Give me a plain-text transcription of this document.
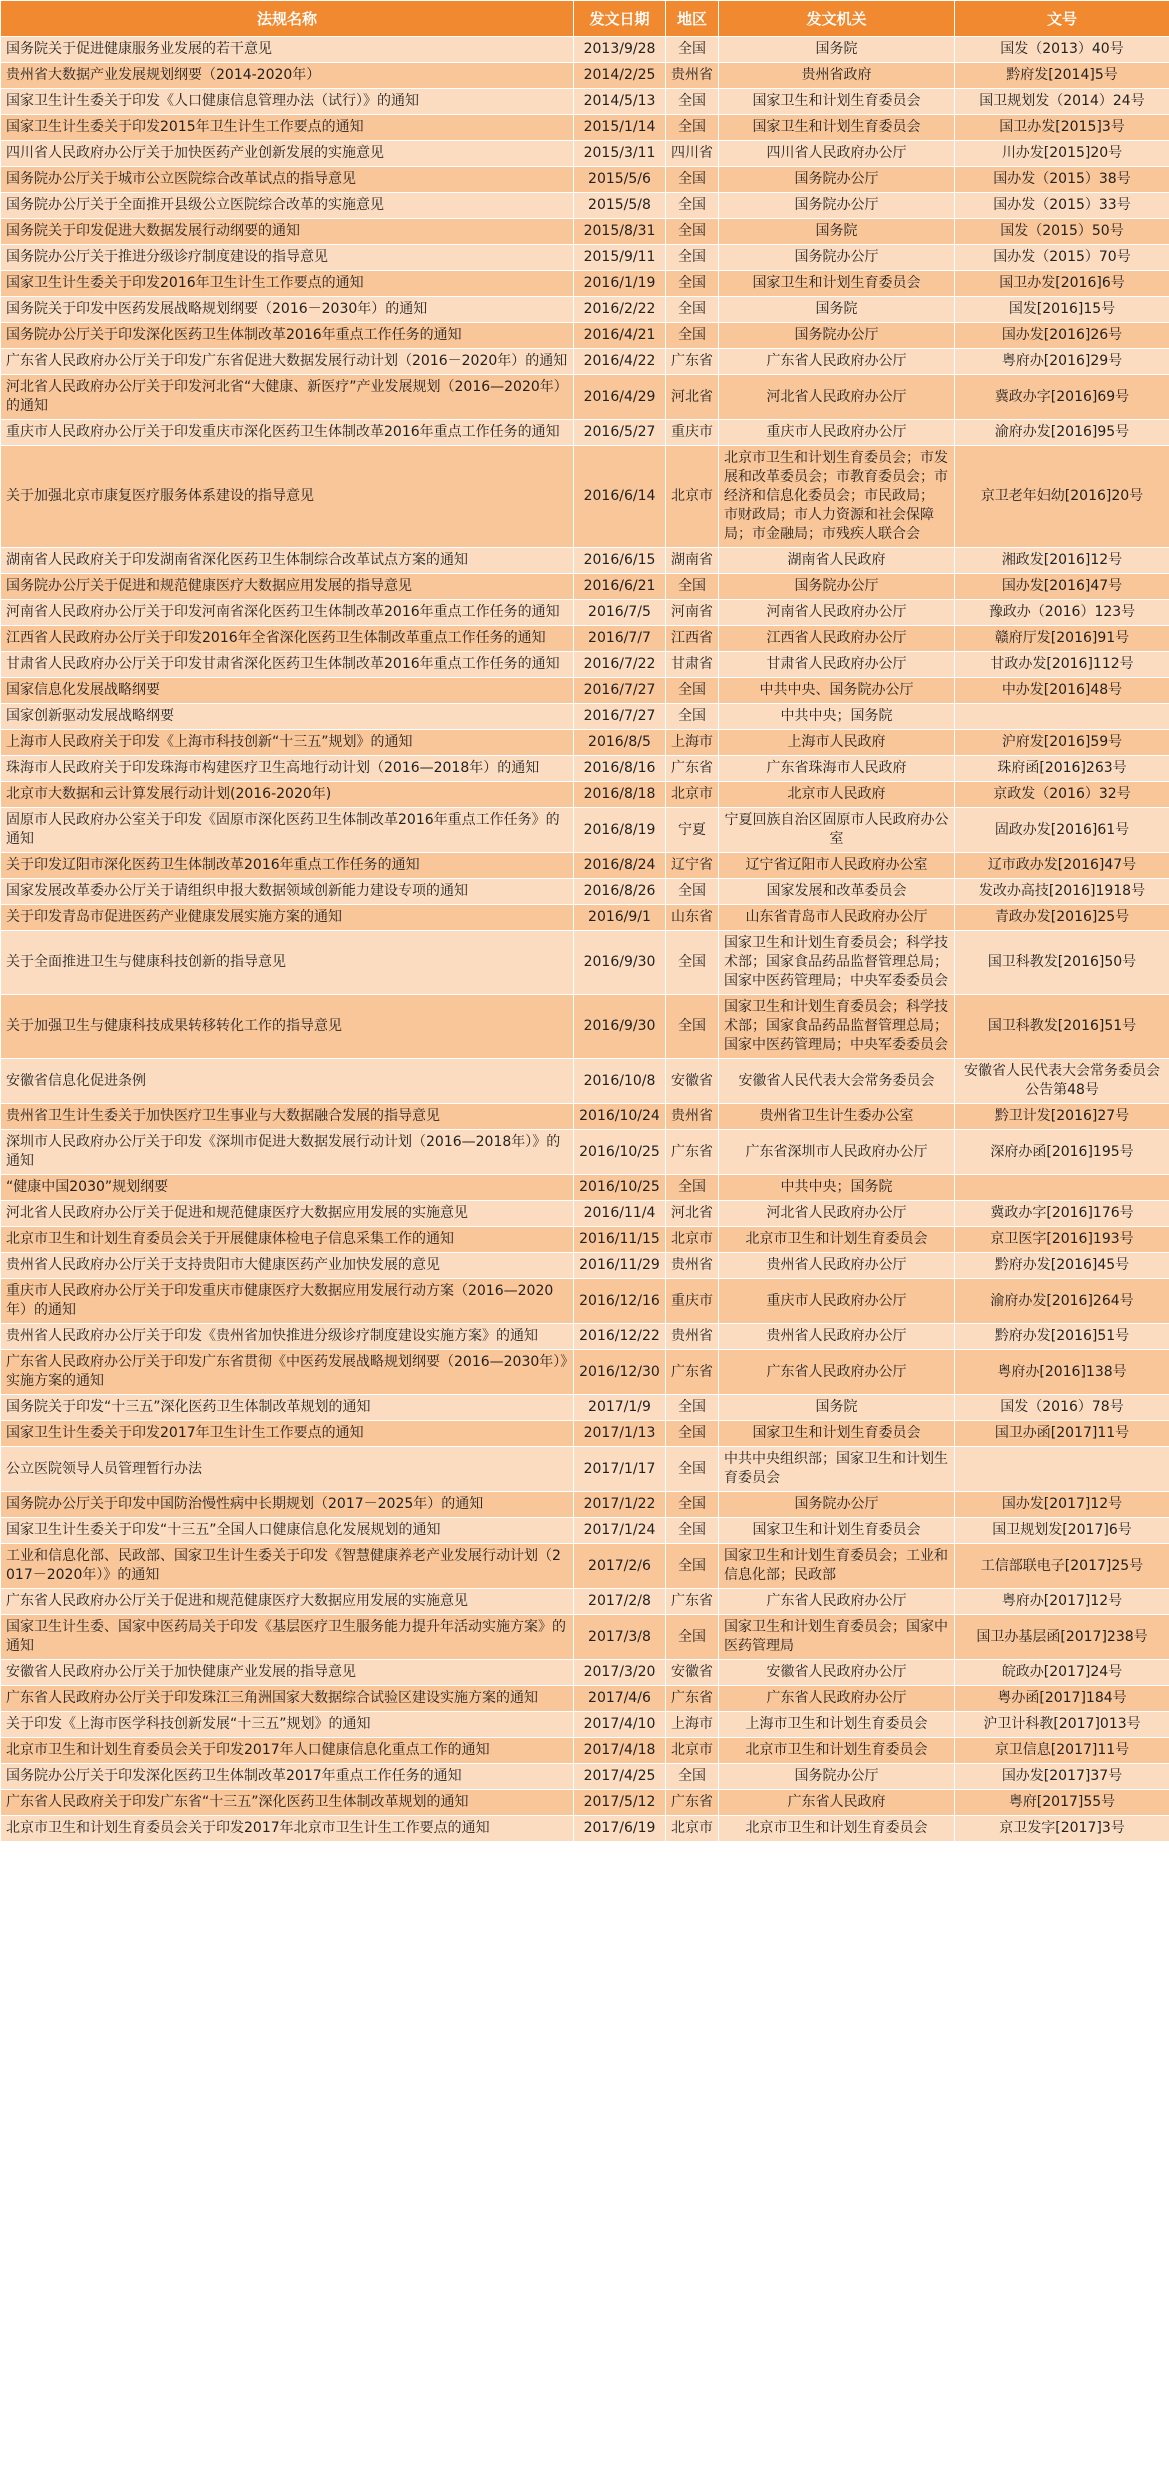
法规名称	发文日期	地区	发文机关	文号
国务院关于促进健康服务业发展的若干意见	2013/9/28	全国	国务院	国发（2013）40号
贵州省大数据产业发展规划纲要（2014-2020年）	2014/2/25	贵州省	贵州省政府	黔府发[2014]5号
国家卫生计生委关于印发《人口健康信息管理办法（试行）》的通知	2014/5/13	全国	国家卫生和计划生育委员会	国卫规划发（2014）24号
国家卫生计生委关于印发2015年卫生计生工作要点的通知	2015/1/14	全国	国家卫生和计划生育委员会	国卫办发[2015]3号
四川省人民政府办公厅关于加快医药产业创新发展的实施意见	2015/3/11	四川省	四川省人民政府办公厅	川办发[2015]20号
国务院办公厅关于城市公立医院综合改革试点的指导意见	2015/5/6	全国	国务院办公厅	国办发（2015）38号
国务院办公厅关于全面推开县级公立医院综合改革的实施意见	2015/5/8	全国	国务院办公厅	国办发（2015）33号
国务院关于印发促进大数据发展行动纲要的通知	2015/8/31	全国	国务院	国发（2015）50号
国务院办公厅关于推进分级诊疗制度建设的指导意见	2015/9/11	全国	国务院办公厅	国办发（2015）70号
国家卫生计生委关于印发2016年卫生计生工作要点的通知	2016/1/19	全国	国家卫生和计划生育委员会	国卫办发[2016]6号
国务院关于印发中医药发展战略规划纲要（2016－2030年）的通知	2016/2/22	全国	国务院	国发[2016]15号
国务院办公厅关于印发深化医药卫生体制改革2016年重点工作任务的通知	2016/4/21	全国	国务院办公厅	国办发[2016]26号
广东省人民政府办公厅关于印发广东省促进大数据发展行动计划（2016－2020年）的通知	2016/4/22	广东省	广东省人民政府办公厅	粤府办[2016]29号
河北省人民政府办公厅关于印发河北省“大健康、新医疗”产业发展规划（2016—2020年）的通知	2016/4/29	河北省	河北省人民政府办公厅	冀政办字[2016]69号
重庆市人民政府办公厅关于印发重庆市深化医药卫生体制改革2016年重点工作任务的通知	2016/5/27	重庆市	重庆市人民政府办公厅	渝府办发[2016]95号
关于加强北京市康复医疗服务体系建设的指导意见	2016/6/14	北京市	北京市卫生和计划生育委员会；市发展和改革委员会；市教育委员会；市经济和信息化委员会；市民政局；　市财政局；市人力资源和社会保障局；市金融局；市残疾人联合会	京卫老年妇幼[2016]20号
湖南省人民政府关于印发湖南省深化医药卫生体制综合改革试点方案的通知	2016/6/15	湖南省	湖南省人民政府	湘政发[2016]12号
国务院办公厅关于促进和规范健康医疗大数据应用发展的指导意见	2016/6/21	全国	国务院办公厅	国办发[2016]47号
河南省人民政府办公厅关于印发河南省深化医药卫生体制改革2016年重点工作任务的通知	2016/7/5	河南省	河南省人民政府办公厅	豫政办（2016）123号
江西省人民政府办公厅关于印发2016年全省深化医药卫生体制改革重点工作任务的通知	2016/7/7	江西省	江西省人民政府办公厅	赣府厅发[2016]91号
甘肃省人民政府办公厅关于印发甘肃省深化医药卫生体制改革2016年重点工作任务的通知	2016/7/22	甘肃省	甘肃省人民政府办公厅	甘政办发[2016]112号
国家信息化发展战略纲要	2016/7/27	全国	中共中央、国务院办公厅	中办发[2016]48号
国家创新驱动发展战略纲要	2016/7/27	全国	中共中央；国务院	
上海市人民政府关于印发《上海市科技创新“十三五”规划》的通知	2016/8/5	上海市	上海市人民政府	沪府发[2016]59号
珠海市人民政府关于印发珠海市构建医疗卫生高地行动计划（2016—2018年）的通知	2016/8/16	广东省	广东省珠海市人民政府	珠府函[2016]263号
北京市大数据和云计算发展行动计划(2016-2020年)	2016/8/18	北京市	北京市人民政府	京政发（2016）32号
固原市人民政府办公室关于印发《固原市深化医药卫生体制改革2016年重点工作任务》的通知	2016/8/19	宁夏	宁夏回族自治区固原市人民政府办公室	固政办发[2016]61号
关于印发辽阳市深化医药卫生体制改革2016年重点工作任务的通知	2016/8/24	辽宁省	辽宁省辽阳市人民政府办公室	辽市政办发[2016]47号
国家发展改革委办公厅关于请组织申报大数据领域创新能力建设专项的通知	2016/8/26	全国	国家发展和改革委员会	发改办高技[2016]1918号
关于印发青岛市促进医药产业健康发展实施方案的通知	2016/9/1	山东省	山东省青岛市人民政府办公厅	青政办发[2016]25号
关于全面推进卫生与健康科技创新的指导意见	2016/9/30	全国	国家卫生和计划生育委员会；科学技术部；国家食品药品监督管理总局；国家中医药管理局；中央军委委员会	国卫科教发[2016]50号
关于加强卫生与健康科技成果转移转化工作的指导意见	2016/9/30	全国	国家卫生和计划生育委员会；科学技术部；国家食品药品监督管理总局；国家中医药管理局；中央军委委员会	国卫科教发[2016]51号
安徽省信息化促进条例	2016/10/8	安徽省	安徽省人民代表大会常务委员会	安徽省人民代表大会常务委员会公告第48号
贵州省卫生计生委关于加快医疗卫生事业与大数据融合发展的指导意见	2016/10/24	贵州省	贵州省卫生计生委办公室	黔卫计发[2016]27号
深圳市人民政府办公厅关于印发《深圳市促进大数据发展行动计划（2016—2018年）》的通知	2016/10/25	广东省	广东省深圳市人民政府办公厅	深府办函[2016]195号
“健康中国2030”规划纲要	2016/10/25	全国	中共中央；国务院	
河北省人民政府办公厅关于促进和规范健康医疗大数据应用发展的实施意见	2016/11/4	河北省	河北省人民政府办公厅	冀政办字[2016]176号
北京市卫生和计划生育委员会关于开展健康体检电子信息采集工作的通知	2016/11/15	北京市	北京市卫生和计划生育委员会	京卫医字[2016]193号
贵州省人民政府办公厅关于支持贵阳市大健康医药产业加快发展的意见	2016/11/29	贵州省	贵州省人民政府办公厅	黔府办发[2016]45号
重庆市人民政府办公厅关于印发重庆市健康医疗大数据应用发展行动方案（2016—2020年）的通知	2016/12/16	重庆市	重庆市人民政府办公厅	渝府办发[2016]264号
贵州省人民政府办公厅关于印发《贵州省加快推进分级诊疗制度建设实施方案》的通知	2016/12/22	贵州省	贵州省人民政府办公厅	黔府办发[2016]51号
广东省人民政府办公厅关于印发广东省贯彻《中医药发展战略规划纲要（2016—2030年）》实施方案的通知	2016/12/30	广东省	广东省人民政府办公厅	粤府办[2016]138号
国务院关于印发“十三五”深化医药卫生体制改革规划的通知	2017/1/9	全国	国务院	国发（2016）78号
国家卫生计生委关于印发2017年卫生计生工作要点的通知	2017/1/13	全国	国家卫生和计划生育委员会	国卫办函[2017]11号
公立医院领导人员管理暂行办法	2017/1/17	全国	中共中央组织部；国家卫生和计划生育委员会	
国务院办公厅关于印发中国防治慢性病中长期规划（2017－2025年）的通知	2017/1/22	全国	国务院办公厅	国办发[2017]12号
国家卫生计生委关于印发“十三五”全国人口健康信息化发展规划的通知	2017/1/24	全国	国家卫生和计划生育委员会	国卫规划发[2017]6号
工业和信息化部、民政部、国家卫生计生委关于印发《智慧健康养老产业发展行动计划（2017－2020年）》的通知	2017/2/6	全国	国家卫生和计划生育委员会；工业和信息化部；民政部	工信部联电子[2017]25号
广东省人民政府办公厅关于促进和规范健康医疗大数据应用发展的实施意见	2017/2/8	广东省	广东省人民政府办公厅	粤府办[2017]12号
国家卫生计生委、国家中医药局关于印发《基层医疗卫生服务能力提升年活动实施方案》的通知	2017/3/8	全国	国家卫生和计划生育委员会；国家中医药管理局	国卫办基层函[2017]238号
安徽省人民政府办公厅关于加快健康产业发展的指导意见	2017/3/20	安徽省	安徽省人民政府办公厅	皖政办[2017]24号
广东省人民政府办公厅关于印发珠江三角洲国家大数据综合试验区建设实施方案的通知	2017/4/6	广东省	广东省人民政府办公厅	粤办函[2017]184号
关于印发《上海市医学科技创新发展“十三五”规划》的通知	2017/4/10	上海市	上海市卫生和计划生育委员会	沪卫计科教[2017]013号
北京市卫生和计划生育委员会关于印发2017年人口健康信息化重点工作的通知	2017/4/18	北京市	北京市卫生和计划生育委员会	京卫信息[2017]11号
国务院办公厅关于印发深化医药卫生体制改革2017年重点工作任务的通知	2017/4/25	全国	国务院办公厅	国办发[2017]37号
广东省人民政府关于印发广东省“十三五”深化医药卫生体制改革规划的通知	2017/5/12	广东省	广东省人民政府	粤府[2017]55号
北京市卫生和计划生育委员会关于印发2017年北京市卫生计生工作要点的通知	2017/6/19	北京市	北京市卫生和计划生育委员会	京卫发字[2017]3号
